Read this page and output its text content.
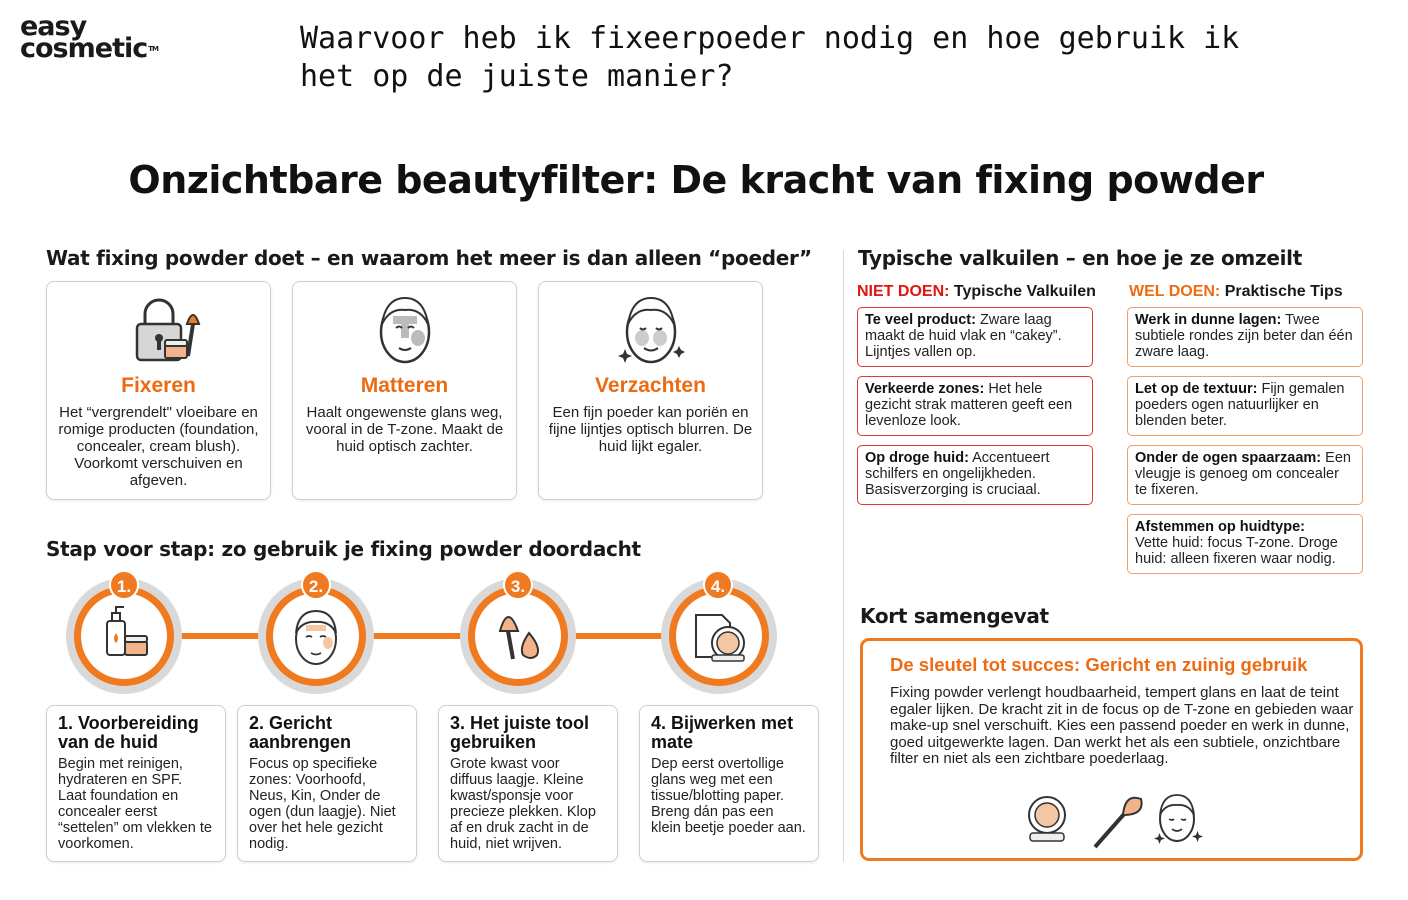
easy
cosmetic™	Waarvoor heb ik fixeerpoeder nodig en hoe gebruik ik het op de juiste manier?
Onzichtbare beautyfilter: De kracht van fixing powder
Wat fixing powder doet – en waarom het meer is dan alleen “poeder”
Fixeren
Het “vergrendelt" vloeibare en romige producten (foundation, concealer, cream blush). Voorkomt verschuiven en afgeven.
Matteren
Haalt ongewenste glans weg, vooral in de T-zone. Maakt de huid optisch zachter.
Verzachten
Een fijn poeder kan poriën en fijne lijntjes optisch blurren. De huid lijkt egaler.
Stap voor stap: zo gebruik je fixing powder doordacht
1.	2.	3.	4.
1. Voorbereiding van de huid
Begin met reinigen, hydrateren en SPF. Laat foundation en concealer eerst “settelen” om vlekken te voorkomen.
2. Gericht aanbrengen
Focus op specifieke zones: Voorhoofd, Neus, Kin, Onder de ogen (dun laagje). Niet over het hele gezicht nodig.
3. Het juiste tool gebruiken
Grote kwast voor diffuus laagje. Kleine kwast/sponsje voor precieze plekken. Klop af en druk zacht in de huid, niet wrijven.
4. Bijwerken met mate
Dep eerst overtollige glans weg met een tissue/blotting paper. Breng dán pas een klein beetje poeder aan.
Typische valkuilen – en hoe je ze omzeilt
NIET DOEN: Typische Valkuilen WEL DOEN: Praktische Tips
Te veel product: Zware laag maakt de huid vlak en “cakey”. Lijntjes vallen op.
Verkeerde zones: Het hele gezicht strak matteren geeft een levenloze look.
Op droge huid: Accentueert schilfers en ongelijkheden. Basisverzorging is cruciaal.
Werk in dunne lagen: Twee subtiele rondes zijn beter dan één zware laag.
Let op de textuur: Fijn gemalen poeders ogen natuurlijker en blenden beter.
Onder de ogen spaarzaam: Een vleugje is genoeg om concealer te fixeren.
Afstemmen op huidtype:
Vette huid: focus T-zone. Droge huid: alleen fixeren waar nodig.
Kort samengevat
De sleutel tot succes: Gericht en zuinig gebruik
Fixing powder verlengt houdbaarheid, tempert glans en laat de teint egaler lijken. De kracht zit in de focus op de T-zone en gebieden waar make-up snel verschuift. Kies een passend poeder en werk in dunne, goed uitgewerkte lagen. Dan werkt het als een subtiele, onzichtbare filter en niet als een zichtbare poederlaag.
